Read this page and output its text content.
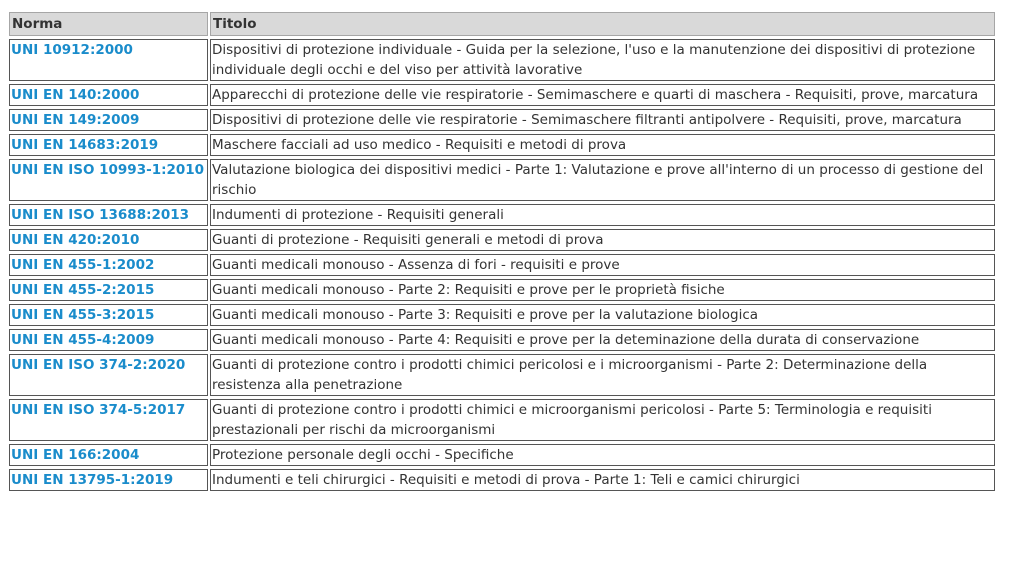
Norma	Titolo
UNI 10912:2000	Dispositivi di protezione individuale - Guida per la selezione, l'uso e la manutenzione dei dispositivi di protezione individuale degli occhi e del viso per attività lavorative
UNI EN 140:2000	Apparecchi di protezione delle vie respiratorie - Semimaschere e quarti di maschera - Requisiti, prove, marcatura
UNI EN 149:2009	Dispositivi di protezione delle vie respiratorie - Semimaschere filtranti antipolvere - Requisiti, prove, marcatura
UNI EN 14683:2019	Maschere facciali ad uso medico - Requisiti e metodi di prova
UNI EN ISO 10993-1:2010	Valutazione biologica dei dispositivi medici - Parte 1: Valutazione e prove all'interno di un processo di gestione del rischio
UNI EN ISO 13688:2013	Indumenti di protezione - Requisiti generali
UNI EN 420:2010	Guanti di protezione - Requisiti generali e metodi di prova
UNI EN 455-1:2002	Guanti medicali monouso - Assenza di fori - requisiti e prove
UNI EN 455-2:2015	Guanti medicali monouso - Parte 2: Requisiti e prove per le proprietà fisiche
UNI EN 455-3:2015	Guanti medicali monouso - Parte 3: Requisiti e prove per la valutazione biologica
UNI EN 455-4:2009	Guanti medicali monouso - Parte 4: Requisiti e prove per la deteminazione della durata di conservazione
UNI EN ISO 374-2:2020	Guanti di protezione contro i prodotti chimici pericolosi e i microorganismi - Parte 2: Determinazione della resistenza alla penetrazione
UNI EN ISO 374-5:2017	Guanti di protezione contro i prodotti chimici e microorganismi pericolosi - Parte 5: Terminologia e requisiti prestazionali per rischi da microorganismi
UNI EN 166:2004	Protezione personale degli occhi - Specifiche
UNI EN 13795-1:2019	Indumenti e teli chirurgici - Requisiti e metodi di prova - Parte 1: Teli e camici chirurgici
